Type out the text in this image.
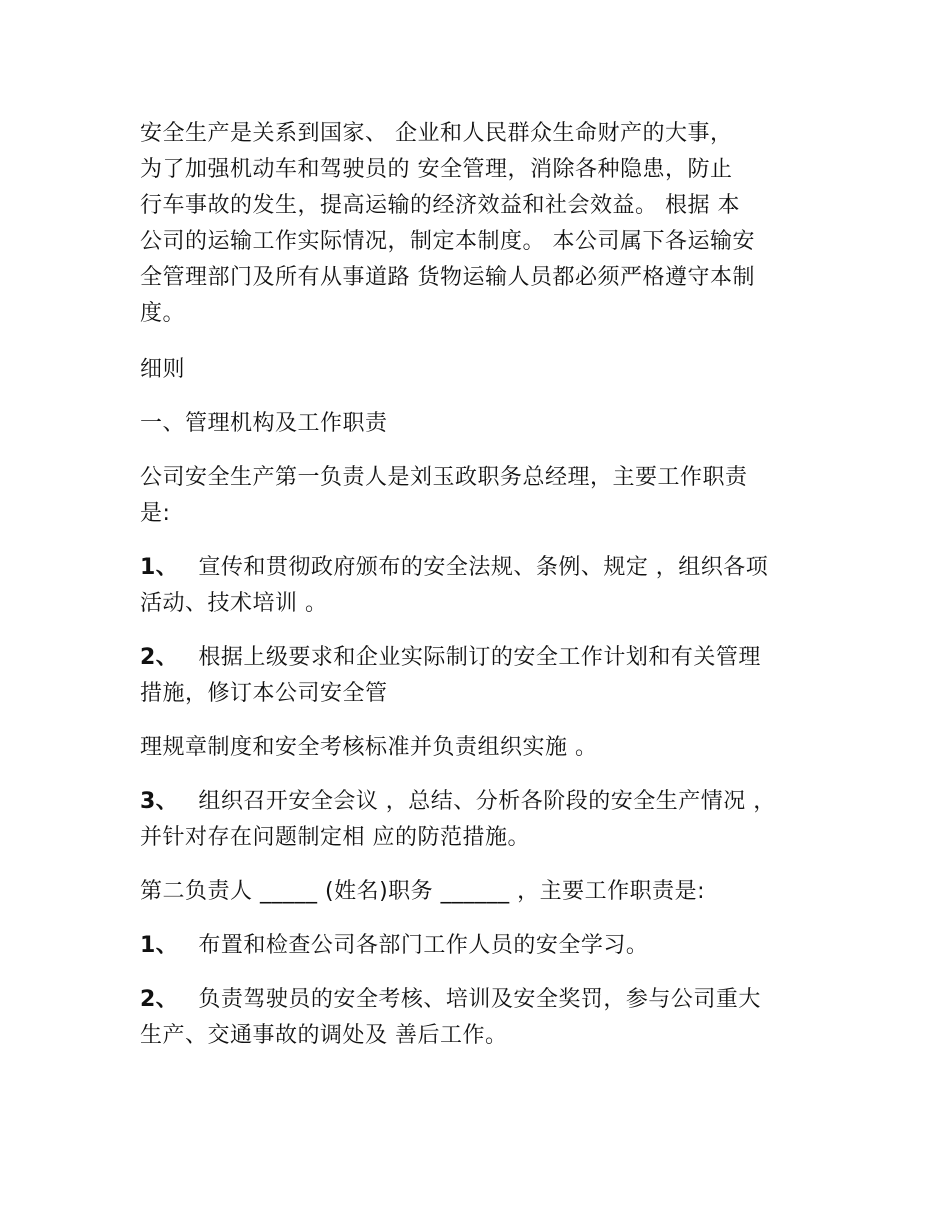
安全生产是关系到国家、 企业和人民群众生命财产的大事，
为了加强机动车和驾驶员的 安全管理，消除各种隐患，防止
行车事故的发生，提高运输的经济效益和社会效益。 根据 本
公司的运输工作实际情况，制定本制度。 本公司属下各运输安
全管理部门及所有从事道路 货物运输人员都必须严格遵守本制
度。

细则

一、管理机构及工作职责

公司安全生产第一负责人是刘玉政职务总经理，主要工作职责
是:

1、 宣传和贯彻政府颁布的安全法规、条例、规定 ，组织各项
活动、技术培训 。

2、 根据上级要求和企业实际制订的安全工作计划和有关管理
措施，修订本公司安全管

理规章制度和安全考核标准并负责组织实施 。

3、 组织召开安全会议 ，总结、分析各阶段的安全生产情况 ，
并针对存在问题制定相 应的防范措施。

第二负责人 _____ (姓名)职务 ______ ，主要工作职责是:

1、 布置和检查公司各部门工作人员的安全学习。

2、 负责驾驶员的安全考核、培训及安全奖罚，参与公司重大
生产、交通事故的调处及 善后工作。
